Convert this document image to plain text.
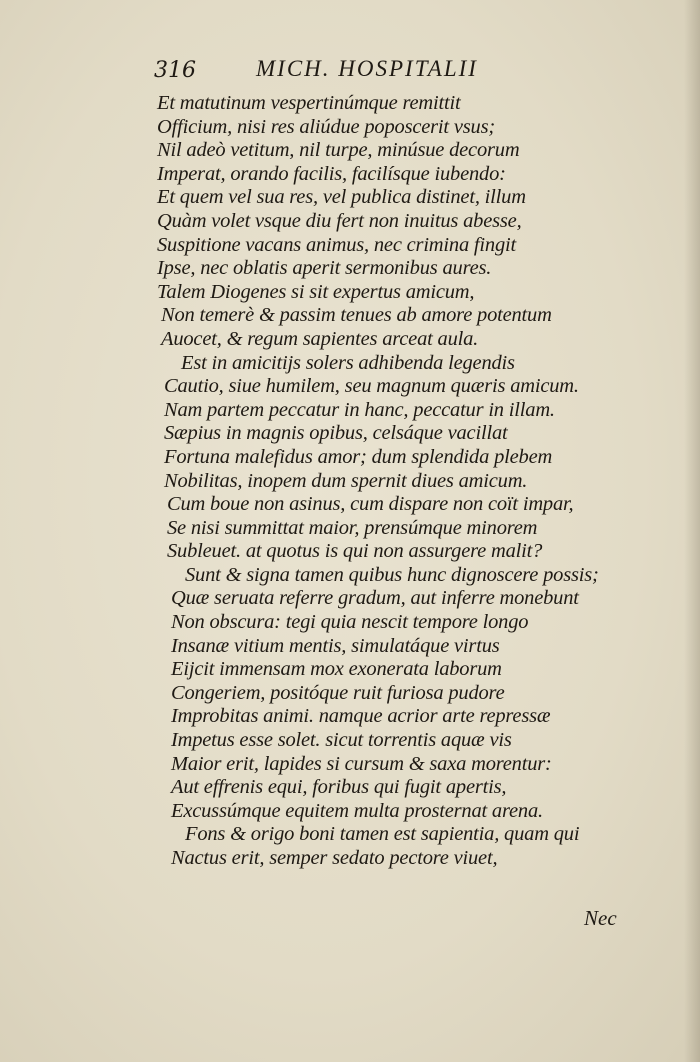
316	MICH. HOSPITALII
Et matutinum vespertinúmque remittit
Officium, nisi res aliúdue poposcerit vsus;
Nil adeò vetitum, nil turpe, minúsue decorum
Imperat, orando facilis, facilísque iubendo:
Et quem vel sua res, vel publica distinet, illum
Quàm volet vsque diu fert non inuitus abesse,
Suspitione vacans animus, nec crimina fingit
Ipse, nec oblatis aperit sermonibus aures.
Talem Diogenes si sit expertus amicum,
Non temerè & passim tenues ab amore potentum
Auocet, & regum sapientes arceat aula.
Est in amicitijs solers adhibenda legendis
Cautio, siue humilem, seu magnum quæris amicum.
Nam partem peccatur in hanc, peccatur in illam.
Sæpius in magnis opibus, celsáque vacillat
Fortuna malefidus amor; dum splendida plebem
Nobilitas, inopem dum spernit diues amicum.
Cum boue non asinus, cum dispare non coït impar,
Se nisi summittat maior, prensúmque minorem
Subleuet. at quotus is qui non assurgere malit?
Sunt & signa tamen quibus hunc dignoscere possis;
Quæ seruata referre gradum, aut inferre monebunt
Non obscura: tegi quia nescit tempore longo
Insanæ vitium mentis, simulatáque virtus
Eijcit immensam mox exonerata laborum
Congeriem, positóque ruit furiosa pudore
Improbitas animi. namque acrior arte repressæ
Impetus esse solet. sicut torrentis aquæ vis
Maior erit, lapides si cursum & saxa morentur:
Aut effrenis equi, foribus qui fugit apertis,
Excussúmque equitem multa prosternat arena.
Fons & origo boni tamen est sapientia, quam qui
Nactus erit, semper sedato pectore viuet,
Nec
